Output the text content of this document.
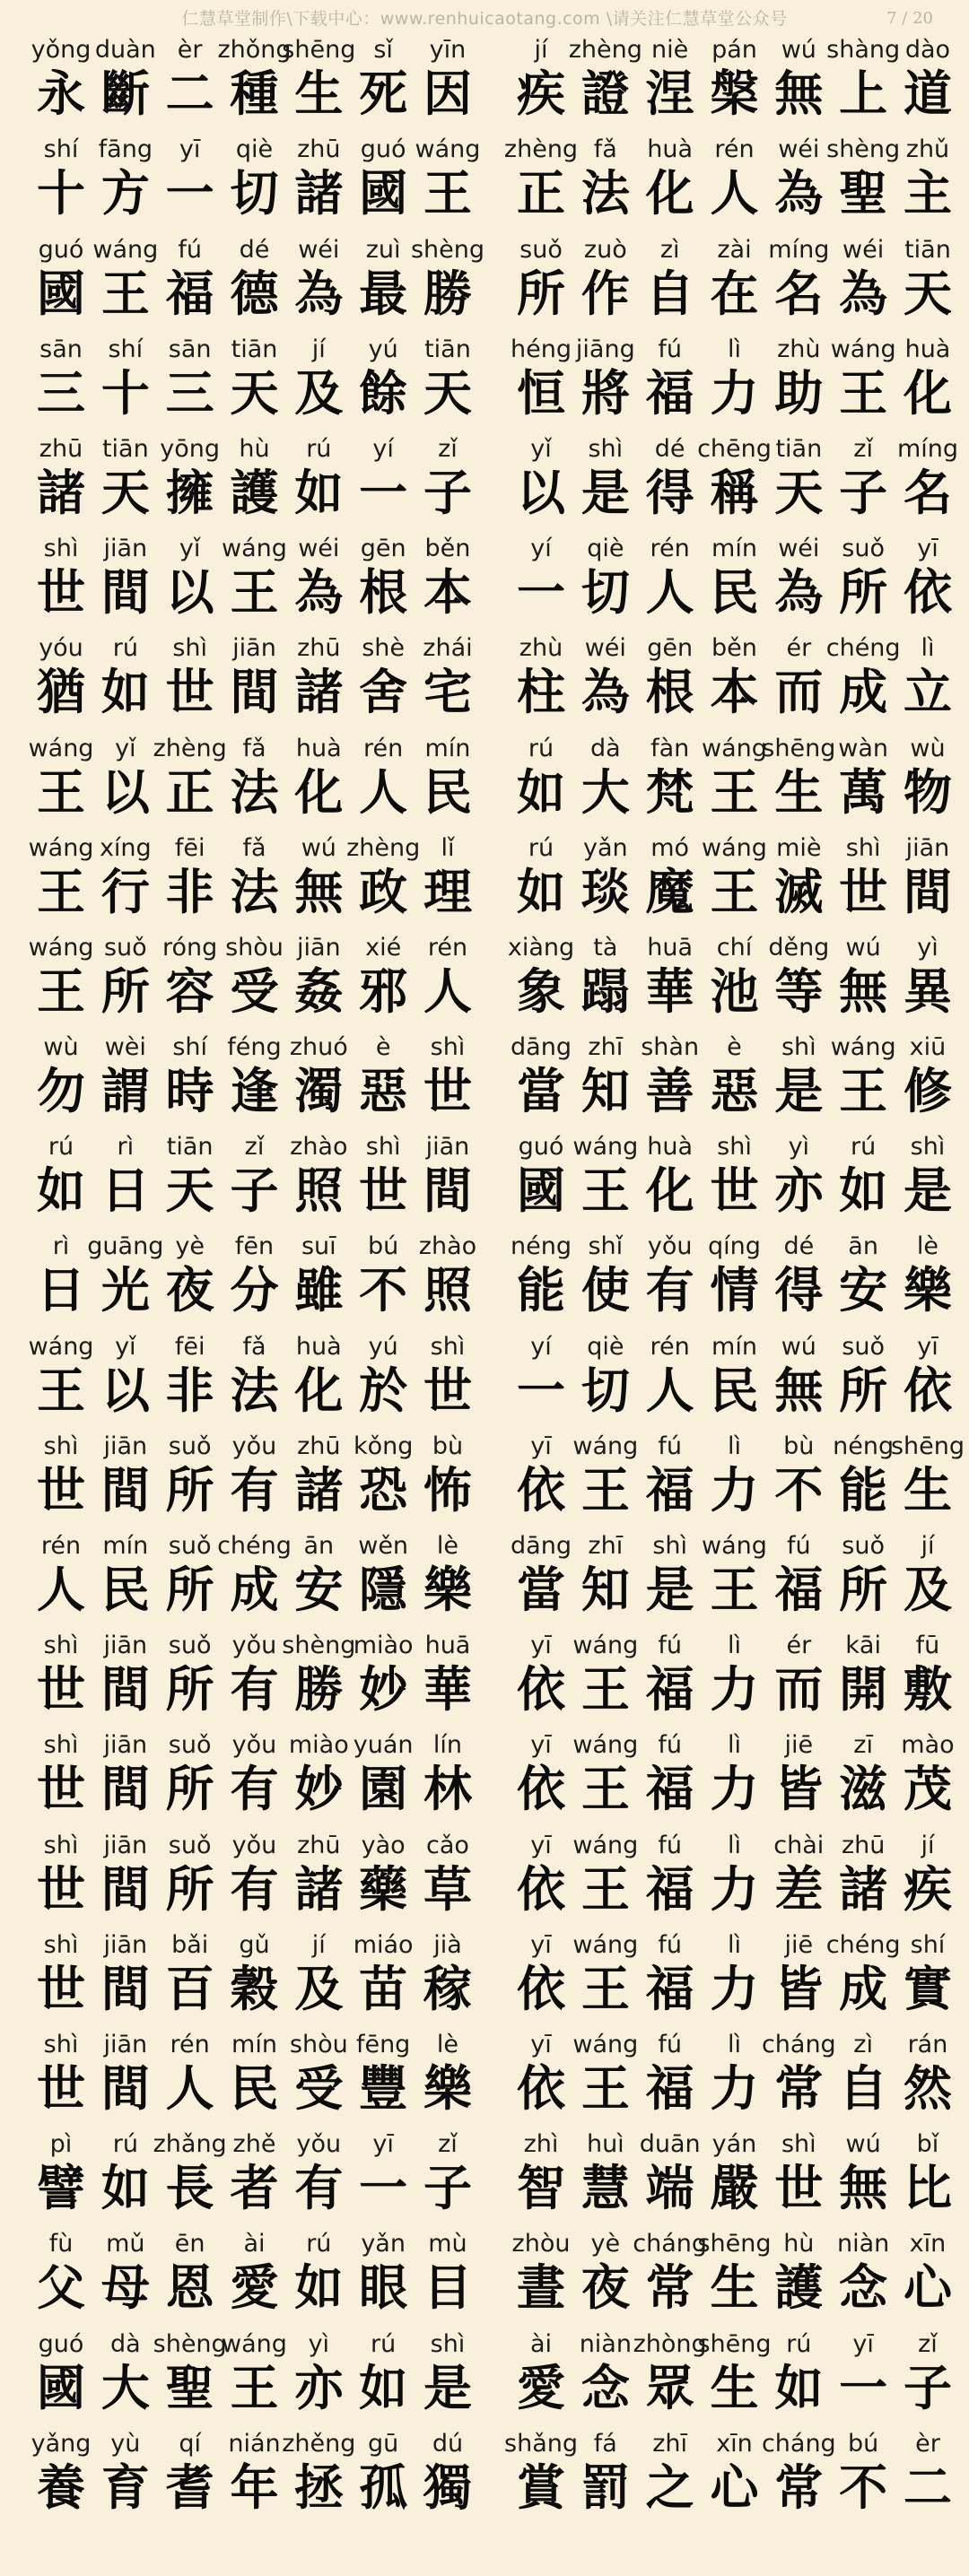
仁慧草堂制作\下载中心：www.renhuicaotang.com \请关注仁慧草堂公众号	7 / 20
yǒng
永
duàn
斷
èr
二
zhǒng
種
shēng
生
sǐ
死
yīn
因
jí
疾
zhèng
證
niè
涅
pán
槃
wú
無
shàng
上
dào
道
shí
十
fāng
方
yī
一
qiè
切
zhū
諸
guó
國
wáng
王
zhèng
正
fǎ
法
huà
化
rén
人
wéi
為
shèng
聖
zhǔ
主
guó
國
wáng
王
fú
福
dé
德
wéi
為
zuì
最
shèng
勝
suǒ
所
zuò
作
zì
自
zài
在
míng
名
wéi
為
tiān
天
sān
三
shí
十
sān
三
tiān
天
jí
及
yú
餘
tiān
天
héng
恒
jiāng
將
fú
福
lì
力
zhù
助
wáng
王
huà
化
zhū
諸
tiān
天
yōng
擁
hù
護
rú
如
yí
一
zǐ
子
yǐ
以
shì
是
dé
得
chēng
稱
tiān
天
zǐ
子
míng
名
shì
世
jiān
間
yǐ
以
wáng
王
wéi
為
gēn
根
běn
本
yí
一
qiè
切
rén
人
mín
民
wéi
為
suǒ
所
yī
依
yóu
猶
rú
如
shì
世
jiān
間
zhū
諸
shè
舍
zhái
宅
zhù
柱
wéi
為
gēn
根
běn
本
ér
而
chéng
成
lì
立
wáng
王
yǐ
以
zhèng
正
fǎ
法
huà
化
rén
人
mín
民
rú
如
dà
大
fàn
梵
wáng
王
shēng
生
wàn
萬
wù
物
wáng
王
xíng
行
fēi
非
fǎ
法
wú
無
zhèng
政
lǐ
理
rú
如
yǎn
琰
mó
魔
wáng
王
miè
滅
shì
世
jiān
間
wáng
王
suǒ
所
róng
容
shòu
受
jiān
姦
xié
邪
rén
人
xiàng
象
tà
蹋
huā
華
chí
池
děng
等
wú
無
yì
異
wù
勿
wèi
謂
shí
時
féng
逢
zhuó
濁
è
惡
shì
世
dāng
當
zhī
知
shàn
善
è
惡
shì
是
wáng
王
xiū
修
rú
如
rì
日
tiān
天
zǐ
子
zhào
照
shì
世
jiān
間
guó
國
wáng
王
huà
化
shì
世
yì
亦
rú
如
shì
是
rì
日
guāng
光
yè
夜
fēn
分
suī
雖
bú
不
zhào
照
néng
能
shǐ
使
yǒu
有
qíng
情
dé
得
ān
安
lè
樂
wáng
王
yǐ
以
fēi
非
fǎ
法
huà
化
yú
於
shì
世
yí
一
qiè
切
rén
人
mín
民
wú
無
suǒ
所
yī
依
shì
世
jiān
間
suǒ
所
yǒu
有
zhū
諸
kǒng
恐
bù
怖
yī
依
wáng
王
fú
福
lì
力
bù
不
néng
能
shēng
生
rén
人
mín
民
suǒ
所
chéng
成
ān
安
wěn
隱
lè
樂
dāng
當
zhī
知
shì
是
wáng
王
fú
福
suǒ
所
jí
及
shì
世
jiān
間
suǒ
所
yǒu
有
shèng
勝
miào
妙
huā
華
yī
依
wáng
王
fú
福
lì
力
ér
而
kāi
開
fū
敷
shì
世
jiān
間
suǒ
所
yǒu
有
miào
妙
yuán
園
lín
林
yī
依
wáng
王
fú
福
lì
力
jiē
皆
zī
滋
mào
茂
shì
世
jiān
間
suǒ
所
yǒu
有
zhū
諸
yào
藥
cǎo
草
yī
依
wáng
王
fú
福
lì
力
chài
差
zhū
諸
jí
疾
shì
世
jiān
間
bǎi
百
gǔ
穀
jí
及
miáo
苗
jià
稼
yī
依
wáng
王
fú
福
lì
力
jiē
皆
chéng
成
shí
實
shì
世
jiān
間
rén
人
mín
民
shòu
受
fēng
豐
lè
樂
yī
依
wáng
王
fú
福
lì
力
cháng
常
zì
自
rán
然
pì
譬
rú
如
zhǎng
長
zhě
者
yǒu
有
yī
一
zǐ
子
zhì
智
huì
慧
duān
端
yán
嚴
shì
世
wú
無
bǐ
比
fù
父
mǔ
母
ēn
恩
ài
愛
rú
如
yǎn
眼
mù
目
zhòu
晝
yè
夜
cháng
常
shēng
生
hù
護
niàn
念
xīn
心
guó
國
dà
大
shèng
聖
wáng
王
yì
亦
rú
如
shì
是
ài
愛
niàn
念
zhòng
眾
shēng
生
rú
如
yī
一
zǐ
子
yǎng
養
yù
育
qí
耆
nián
年
zhěng
拯
gū
孤
dú
獨
shǎng
賞
fá
罰
zhī
之
xīn
心
cháng
常
bú
不
èr
二
